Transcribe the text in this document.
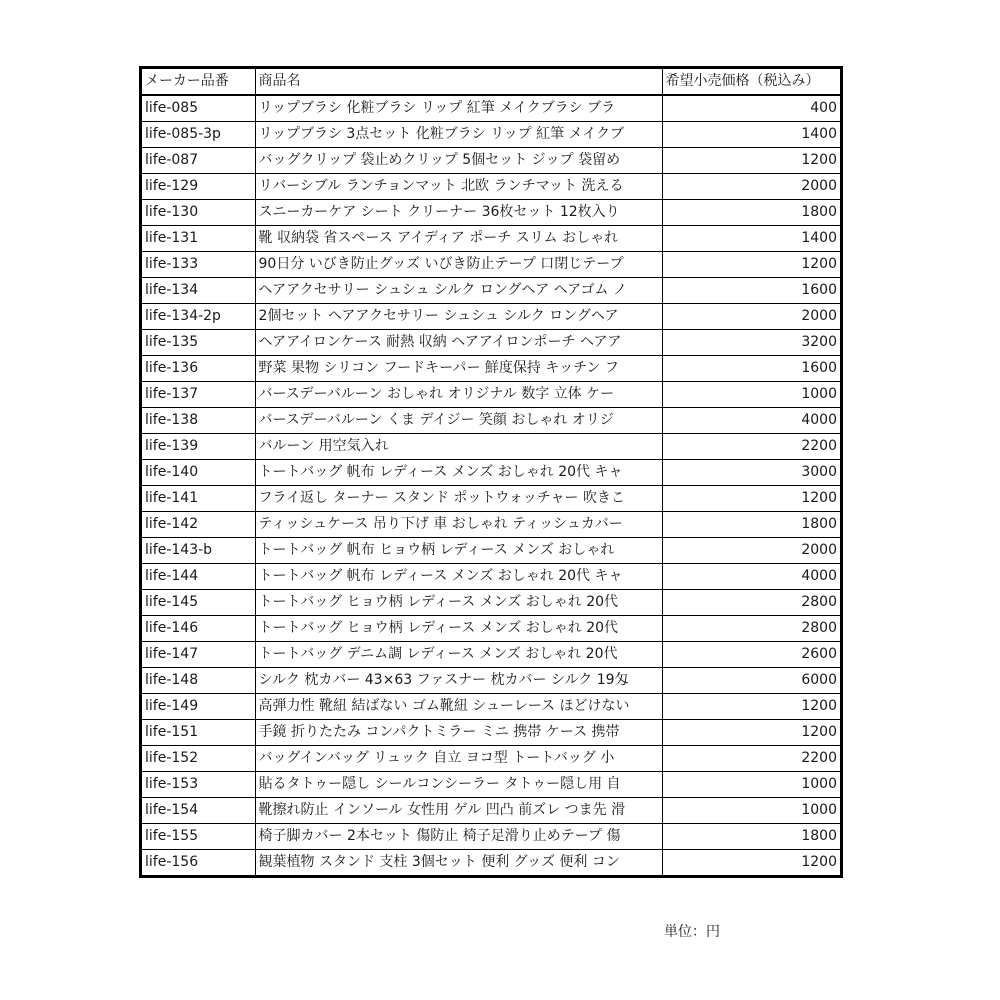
メーカー品番	商品名	希望小売価格（税込み）
life-085	リップブラシ 化粧ブラシ リップ 紅筆 メイクブラシ ブラ	400
life-085-3p	リップブラシ 3点セット 化粧ブラシ リップ 紅筆 メイクブ	1400
life-087	バッグクリップ 袋止めクリップ 5個セット ジップ 袋留め	1200
life-129	リバーシブル ランチョンマット 北欧 ランチマット 洗える	2000
life-130	スニーカーケア シート クリーナー 36枚セット 12枚入り	1800
life-131	靴 収納袋 省スペース アイディア ポーチ スリム おしゃれ	1400
life-133	90日分 いびき防止グッズ いびき防止テープ 口閉じテープ	1200
life-134	ヘアアクセサリー シュシュ シルク ロングヘア ヘアゴム ノ	1600
life-134-2p	2個セット ヘアアクセサリー シュシュ シルク ロングヘア	2000
life-135	ヘアアイロンケース 耐熱 収納 ヘアアイロンポーチ ヘアア	3200
life-136	野菜 果物 シリコン フードキーパー 鮮度保持 キッチン フ	1600
life-137	バースデーバルーン おしゃれ オリジナル 数字 立体 ケー	1000
life-138	バースデーバルーン くま デイジー 笑顔 おしゃれ オリジ	4000
life-139	バルーン 用空気入れ	2200
life-140	トートバッグ 帆布 レディース メンズ おしゃれ 20代 キャ	3000
life-141	フライ返し ターナー スタンド ポットウォッチャー 吹きこ	1200
life-142	ティッシュケース 吊り下げ 車 おしゃれ ティッシュカバー	1800
life-143-b	トートバッグ 帆布 ヒョウ柄 レディース メンズ おしゃれ	2000
life-144	トートバッグ 帆布 レディース メンズ おしゃれ 20代 キャ	4000
life-145	トートバッグ ヒョウ柄 レディース メンズ おしゃれ 20代	2800
life-146	トートバッグ ヒョウ柄 レディース メンズ おしゃれ 20代	2800
life-147	トートバッグ デニム調 レディース メンズ おしゃれ 20代	2600
life-148	シルク 枕カバー 43×63 ファスナー 枕カバー シルク 19匁	6000
life-149	高弾力性 靴紐 結ばない ゴム靴紐 シューレース ほどけない	1200
life-151	手鏡 折りたたみ コンパクトミラー ミニ 携帯 ケース 携帯	1200
life-152	バッグインバッグ リュック 自立 ヨコ型 トートバッグ 小	2200
life-153	貼るタトゥー隠し シールコンシーラー タトゥー隠し用 自	1000
life-154	靴擦れ防止 インソール 女性用 ゲル 凹凸 前ズレ つま先 滑	1000
life-155	椅子脚カバー 2本セット 傷防止 椅子足滑り止めテープ 傷	1800
life-156	観葉植物 スタンド 支柱 3個セット 便利 グッズ 便利 コン	1200
単位：円
